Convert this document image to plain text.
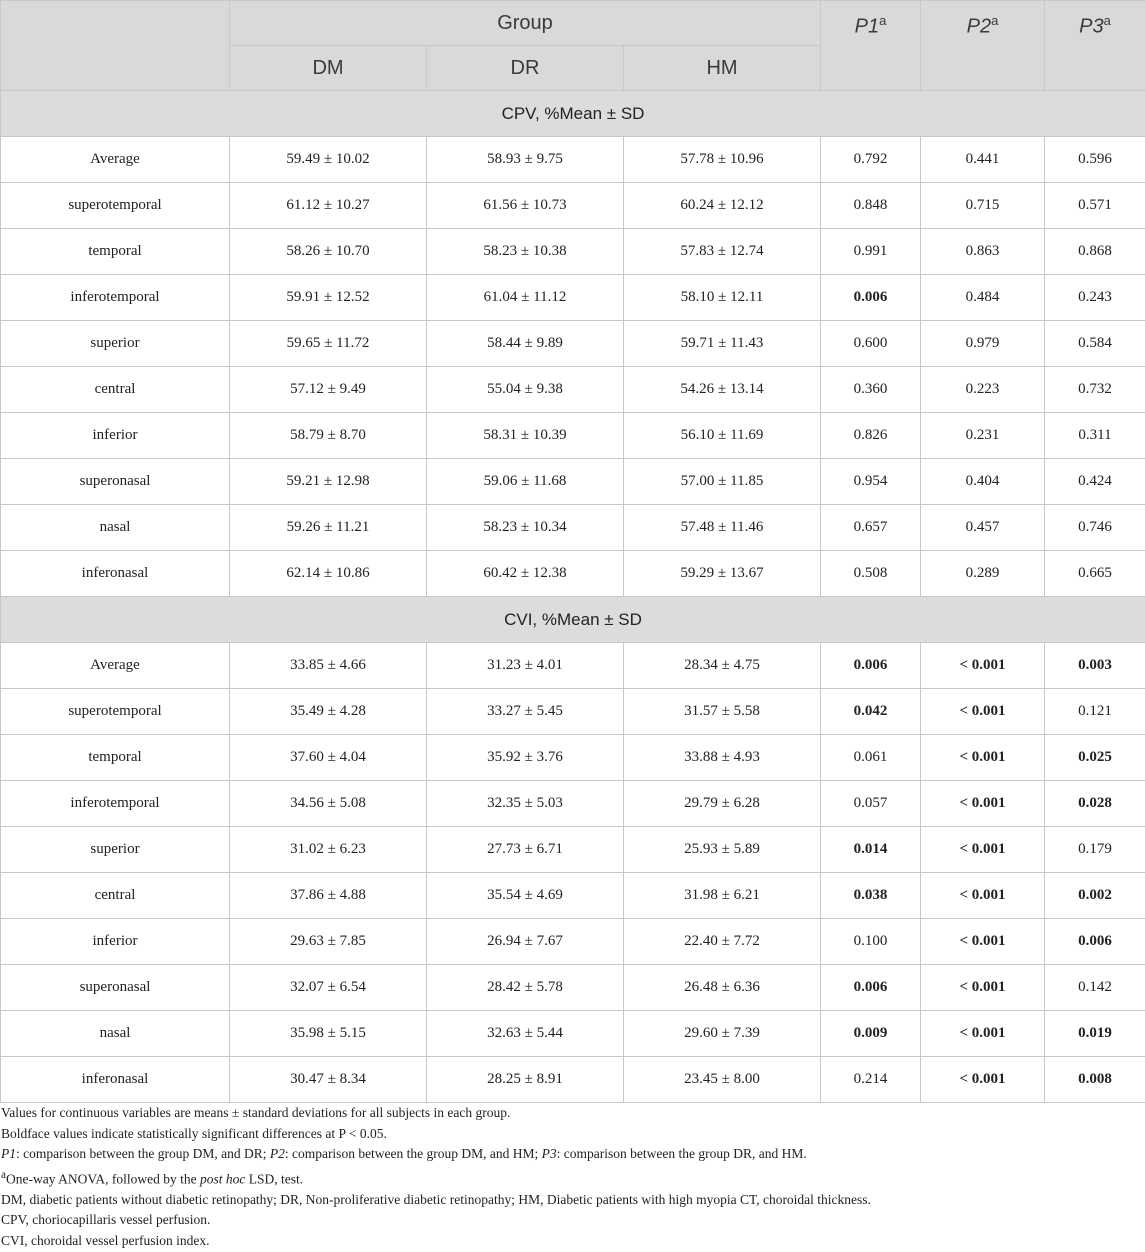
	Group			P1$^a$	P2$^a$	P3$^a$
	DM	DR	HM			
CPV, %Mean ± SD						
Average	59.49 ± 10.02	58.93 ± 9.75	57.78 ± 10.96	0.792	0.441	0.596
superotemporal	61.12 ± 10.27	61.56 ± 10.73	60.24 ± 12.12	0.848	0.715	0.571
temporal	58.26 ± 10.70	58.23 ± 10.38	57.83 ± 12.74	0.991	0.863	0.868
inferotemporal	59.91 ± 12.52	61.04 ± 11.12	58.10 ± 12.11	0.006	0.484	0.243
superior	59.65 ± 11.72	58.44 ± 9.89	59.71 ± 11.43	0.600	0.979	0.584
central	57.12 ± 9.49	55.04 ± 9.38	54.26 ± 13.14	0.360	0.223	0.732
inferior	58.79 ± 8.70	58.31 ± 10.39	56.10 ± 11.69	0.826	0.231	0.311
superonasal	59.21 ± 12.98	59.06 ± 11.68	57.00 ± 11.85	0.954	0.404	0.424
nasal	59.26 ± 11.21	58.23 ± 10.34	57.48 ± 11.46	0.657	0.457	0.746
inferonasal	62.14 ± 10.86	60.42 ± 12.38	59.29 ± 13.67	0.508	0.289	0.665
CVI, %Mean ± SD						
Average	33.85 ± 4.66	31.23 ± 4.01	28.34 ± 4.75	0.006	< 0.001	0.003
superotemporal	35.49 ± 4.28	33.27 ± 5.45	31.57 ± 5.58	0.042	< 0.001	0.121
temporal	37.60 ± 4.04	35.92 ± 3.76	33.88 ± 4.93	0.061	< 0.001	0.025
inferotemporal	34.56 ± 5.08	32.35 ± 5.03	29.79 ± 6.28	0.057	< 0.001	0.028
superior	31.02 ± 6.23	27.73 ± 6.71	25.93 ± 5.89	0.014	< 0.001	0.179
central	37.86 ± 4.88	35.54 ± 4.69	31.98 ± 6.21	0.038	< 0.001	0.002
inferior	29.63 ± 7.85	26.94 ± 7.67	22.40 ± 7.72	0.100	< 0.001	0.006
superonasal	32.07 ± 6.54	28.42 ± 5.78	26.48 ± 6.36	0.006	< 0.001	0.142
nasal	35.98 ± 5.15	32.63 ± 5.44	29.60 ± 7.39	0.009	< 0.001	0.019
inferonasal	30.47 ± 8.34	28.25 ± 8.91	23.45 ± 8.00	0.214	< 0.001	0.008
Values for continuous variables are means ± standard deviations for all subjects in each group.
Boldface values indicate statistically significant differences at P < 0.05.
P1: comparison between the group DM, and DR; P2: comparison between the group DM, and HM; P3: comparison between the group DR, and HM.
$^a$One-way ANOVA, followed by the post hoc LSD, test.
DM, diabetic patients without diabetic retinopathy; DR, Non-proliferative diabetic retinopathy; HM, Diabetic patients with high myopia CT, choroidal thickness.
CPV, choriocapillaris vessel perfusion.
CVI, choroidal vessel perfusion index.
